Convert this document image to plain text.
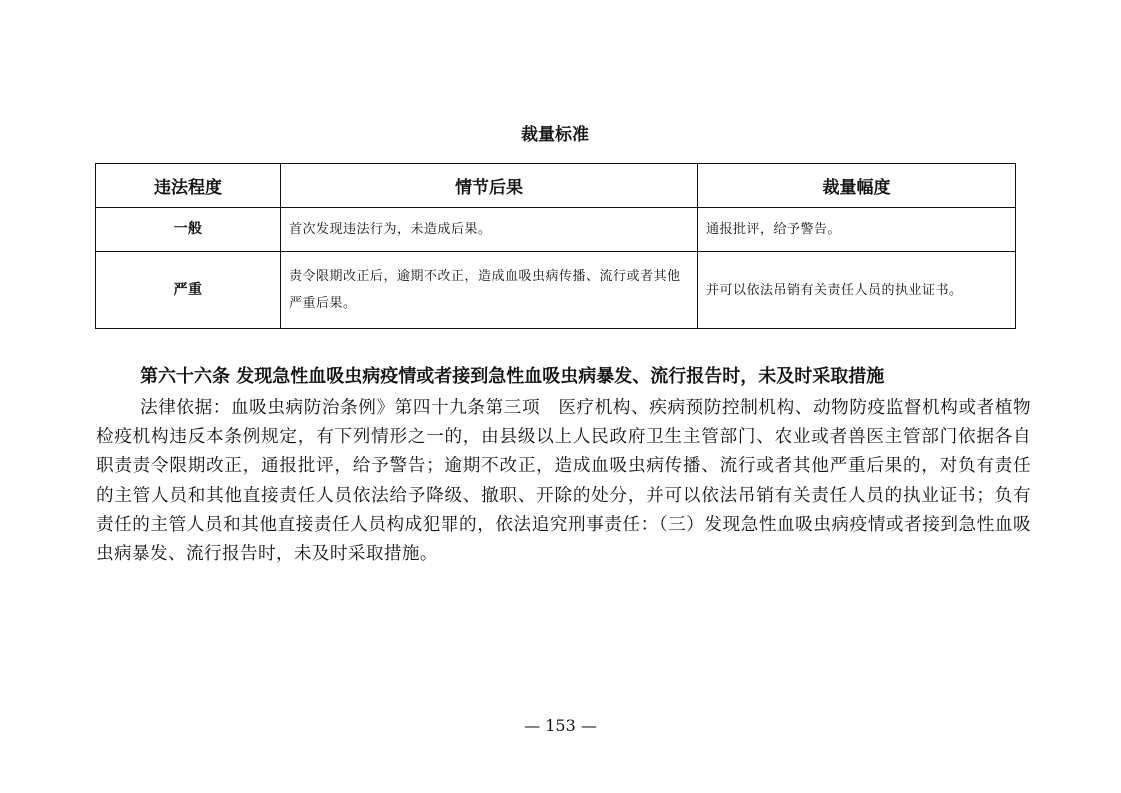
裁量标准
违法程度	情节后果	裁量幅度
一般	首次发现违法行为，未造成后果。	通报批评，给予警告。
严重	责令限期改正后，逾期不改正，造成血吸虫病传播、流行或者其他严重后果。	并可以依法吊销有关责任人员的执业证书。
第六十六条 发现急性血吸虫病疫情或者接到急性血吸虫病暴发、流行报告时，未及时采取措施
法律依据：血吸虫病防治条例》第四十九条第三项　医疗机构、疾病预防控制机构、动物防疫监督机构或者植物检疫机构违反本条例规定，有下列情形之一的，由县级以上人民政府卫生主管部门、农业或者兽医主管部门依据各自职责责令限期改正，通报批评，给予警告；逾期不改正，造成血吸虫病传播、流行或者其他严重后果的，对负有责任的主管人员和其他直接责任人员依法给予降级、撤职、开除的处分，并可以依法吊销有关责任人员的执业证书；负有责任的主管人员和其他直接责任人员构成犯罪的，依法追究刑事责任：（三）发现急性血吸虫病疫情或者接到急性血吸虫病暴发、流行报告时，未及时采取措施。
— 153 —
